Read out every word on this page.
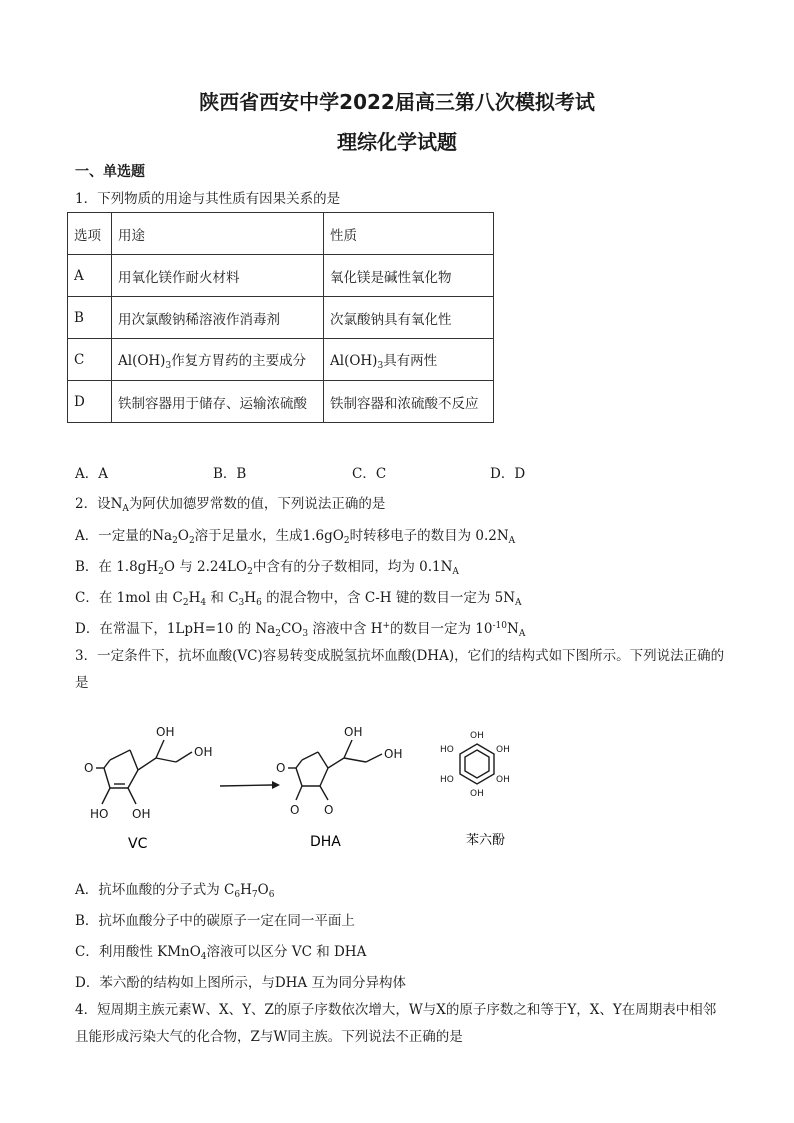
陕西省西安中学2022届高三第八次模拟考试
理综化学试题
一、单选题
1．下列物质的用途与其性质有因果关系的是
选项	用途	性质
A	用氧化镁作耐火材料	氧化镁是碱性氧化物
B	用次氯酸钠稀溶液作消毒剂	次氯酸钠具有氧化性
C	$Al(OH)_3$作复方胃药的主要成分	$Al(OH)_3$具有两性
D	铁制容器用于储存、运输浓硫酸	铁制容器和浓硫酸不反应
A．A	B．B	C．C	D．D
2．设$N_A$为阿伏加德罗常数的值，下列说法正确的是
A．一定量的$Na_2O_2$溶于足量水，生成$1.6gO_2$时转移电子的数目为 $0.2N_A$
B．在 $1.8gH_2O$ 与 $2.24LO_2$中含有的分子数相同，均为 $0.1N_A$
C．在 1mol 由 $C_2H_4$ 和 $C_3H_6$ 的混合物中，含 C-H 键的数目一定为 $5N_A$
D．在常温下，1LpH=10 的 $Na_2CO_3$ 溶液中含 H+的数目一定为 $10^{-10}N_A$
3．一定条件下，抗坏血酸(VC)容易转变成脱氢抗坏血酸(DHA)，它们的结构式如下图所示。下列说法正确的是
O
OH
OH
HO OH
O
OH
OH
O O
OH
OH
OH
OH
HO
HO
VC	DHA	苯六酚
A．抗坏血酸的分子式为 $C_6H_7O_6$
B．抗坏血酸分子中的碳原子一定在同一平面上
C．利用酸性 KMnO$_4$溶液可以区分 VC 和 DHA
D．苯六酚的结构如上图所示，与DHA 互为同分异构体
4．短周期主族元素W、X、Y、Z的原子序数依次增大，W与X的原子序数之和等于Y，X、Y在周期表中相邻且能形成污染大气的化合物，Z与W同主族。下列说法不正确的是
